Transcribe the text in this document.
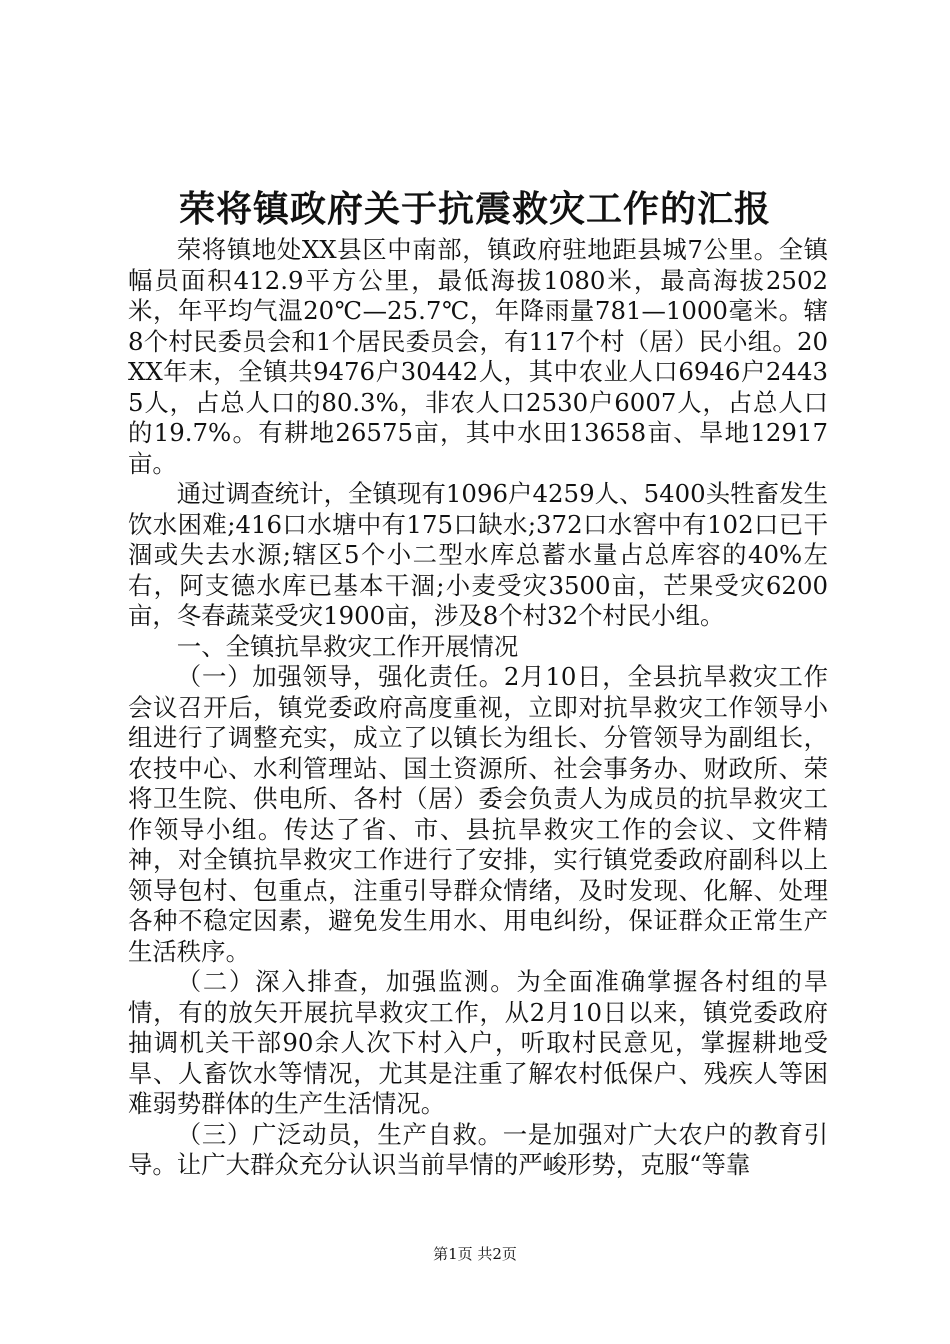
荣将镇政府关于抗震救灾工作的汇报

荣将镇地处XX县区中南部，镇政府驻地距县城7公里。全镇幅员面积412.9平方公里，最低海拔1080米，最高海拔2502米，年平均气温20℃—25.7℃，年降雨量781—1000毫米。辖8个村民委员会和1个居民委员会，有117个村（居）民小组。20XX年末，全镇共9476户30442人，其中农业人口6946户24435人，占总人口的80.3%，非农人口2530户6007人，占总人口的19.7%。有耕地26575亩，其中水田13658亩、旱地12917亩。

通过调查统计，全镇现有1096户4259人、5400头牲畜发生饮水困难;416口水塘中有175口缺水;372口水窖中有102口已干涸或失去水源;辖区5个小二型水库总蓄水量占总库容的40%左右，阿支德水库已基本干涸;小麦受灾3500亩，芒果受灾6200亩，冬春蔬菜受灾1900亩，涉及8个村32个村民小组。

一、全镇抗旱救灾工作开展情况

（一）加强领导，强化责任。2月10日，全县抗旱救灾工作会议召开后，镇党委政府高度重视，立即对抗旱救灾工作领导小组进行了调整充实，成立了以镇长为组长、分管领导为副组长，农技中心、水利管理站、国土资源所、社会事务办、财政所、荣将卫生院、供电所、各村（居）委会负责人为成员的抗旱救灾工作领导小组。传达了省、市、县抗旱救灾工作的会议、文件精神，对全镇抗旱救灾工作进行了安排，实行镇党委政府副科以上领导包村、包重点，注重引导群众情绪，及时发现、化解、处理各种不稳定因素，避免发生用水、用电纠纷，保证群众正常生产生活秩序。

（二）深入排查，加强监测。为全面准确掌握各村组的旱情，有的放矢开展抗旱救灾工作，从2月10日以来，镇党委政府抽调机关干部90余人次下村入户，听取村民意见，掌握耕地受旱、人畜饮水等情况，尤其是注重了解农村低保户、残疾人等困难弱势群体的生产生活情况。

（三）广泛动员，生产自救。一是加强对广大农户的教育引导。让广大群众充分认识当前旱情的严峻形势，克服“等靠

第1页 共2页
